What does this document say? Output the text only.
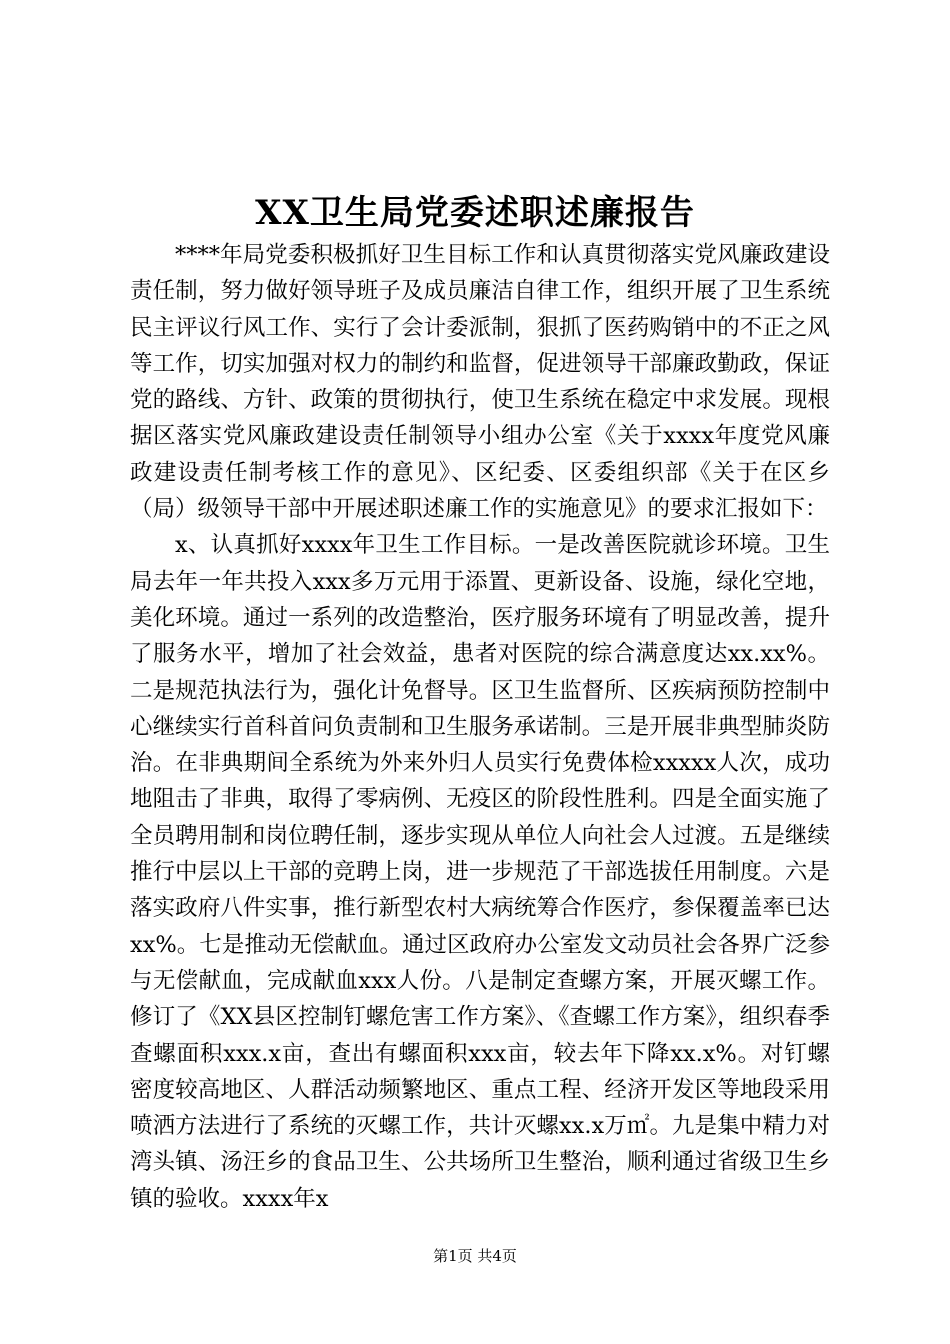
XX卫生局党委述职述廉报告

****年局党委积极抓好卫生目标工作和认真贯彻落实党风廉政建设责任制，努力做好领导班子及成员廉洁自律工作，组织开展了卫生系统民主评议行风工作、实行了会计委派制，狠抓了医药购销中的不正之风等工作，切实加强对权力的制约和监督，促进领导干部廉政勤政，保证党的路线、方针、政策的贯彻执行，使卫生系统在稳定中求发展。现根据区落实党风廉政建设责任制领导小组办公室《关于xxxx年度党风廉政建设责任制考核工作的意见》、区纪委、区委组织部《关于在区乡（局）级领导干部中开展述职述廉工作的实施意见》的要求汇报如下：

x、认真抓好xxxx年卫生工作目标。一是改善医院就诊环境。卫生局去年一年共投入xxx多万元用于添置、更新设备、设施，绿化空地，美化环境。通过一系列的改造整治，医疗服务环境有了明显改善，提升了服务水平，增加了社会效益，患者对医院的综合满意度达xx.xx%。二是规范执法行为，强化计免督导。区卫生监督所、区疾病预防控制中心继续实行首科首问负责制和卫生服务承诺制。三是开展非典型肺炎防治。在非典期间全系统为外来外归人员实行免费体检xxxxx人次，成功地阻击了非典，取得了零病例、无疫区的阶段性胜利。四是全面实施了全员聘用制和岗位聘任制，逐步实现从单位人向社会人过渡。五是继续推行中层以上干部的竞聘上岗，进一步规范了干部选拔任用制度。六是落实政府八件实事，推行新型农村大病统筹合作医疗，参保覆盖率已达xx%。七是推动无偿献血。通过区政府办公室发文动员社会各界广泛参与无偿献血，完成献血xxx人份。八是制定查螺方案，开展灭螺工作。修订了《XX县区控制钉螺危害工作方案》、《查螺工作方案》，组织春季查螺面积xxx.x亩，查出有螺面积xxx亩，较去年下降xx.x%。对钉螺密度较高地区、人群活动频繁地区、重点工程、经济开发区等地段采用喷洒方法进行了系统的灭螺工作，共计灭螺xx.x万㎡。九是集中精力对湾头镇、汤汪乡的食品卫生、公共场所卫生整治，顺利通过省级卫生乡镇的验收。xxxx年x

第1页 共4页
